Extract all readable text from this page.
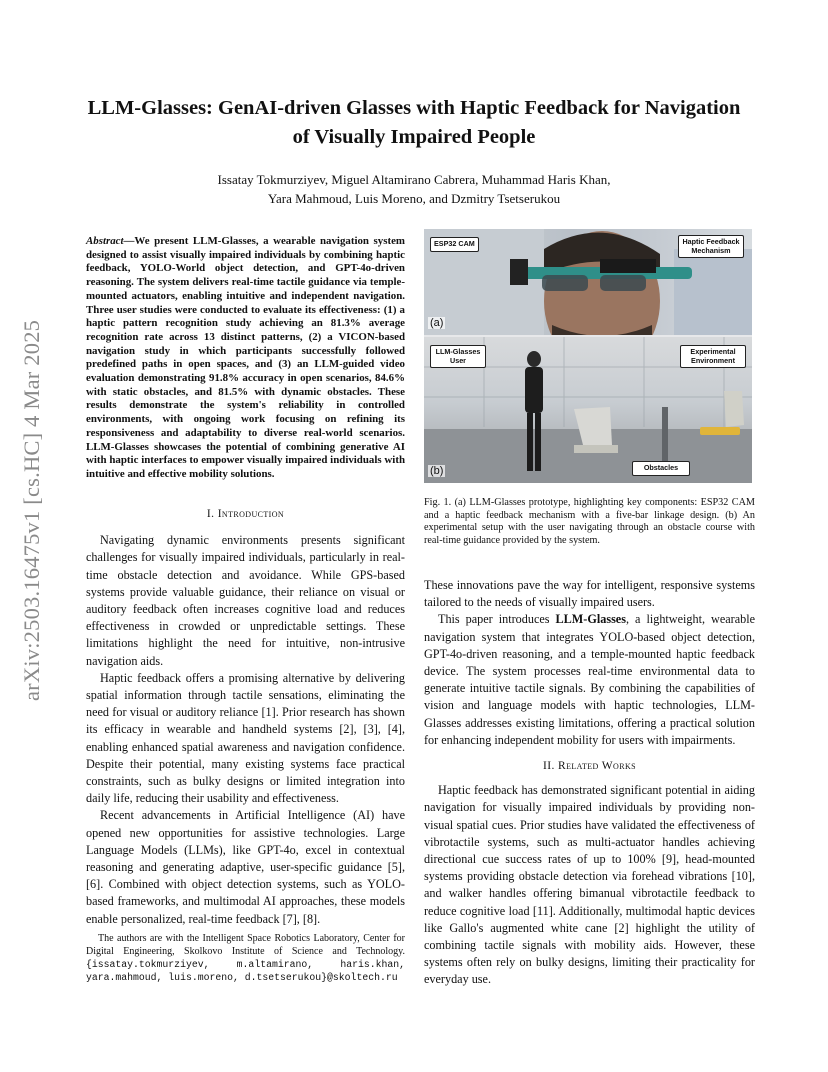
arXiv:2503.16475v1 [cs.HC] 4 Mar 2025
LLM-Glasses: GenAI-driven Glasses with Haptic Feedback for Navigation of Visually Impaired People
Issatay Tokmurziyev, Miguel Altamirano Cabrera, Muhammad Haris Khan,
Yara Mahmoud, Luis Moreno, and Dzmitry Tsetserukou
Abstract—We present LLM-Glasses, a wearable navigation system designed to assist visually impaired individuals by combining haptic feedback, YOLO-World object detection, and GPT-4o-driven reasoning. The system delivers real-time tactile guidance via temple-mounted actuators, enabling intuitive and independent navigation. Three user studies were conducted to evaluate its effectiveness: (1) a haptic pattern recognition study achieving an 81.3% average recognition rate across 13 distinct patterns, (2) a VICON-based navigation study in which participants successfully followed predefined paths in open spaces, and (3) an LLM-guided video evaluation demonstrating 91.8% accuracy in open scenarios, 84.6% with static obstacles, and 81.5% with dynamic obstacles. These results demonstrate the system's reliability in controlled environments, with ongoing work focusing on refining its responsiveness and adaptability to diverse real-world scenarios. LLM-Glasses showcases the potential of combining generative AI with haptic interfaces to empower visually impaired individuals with intuitive and effective mobility solutions.
I. Introduction

Navigating dynamic environments presents significant challenges for visually impaired individuals, particularly in real-time obstacle detection and avoidance. While GPS-based systems provide valuable guidance, their reliance on visual or auditory feedback often increases cognitive load and reduces effectiveness in crowded or unpredictable settings. These limitations highlight the need for intuitive, non-intrusive navigation aids.

Haptic feedback offers a promising alternative by delivering spatial information through tactile sensations, eliminating the need for visual or auditory reliance [1]. Prior research has shown its efficacy in wearable and handheld systems [2], [3], [4], enabling enhanced spatial awareness and navigation confidence. Despite their potential, many existing systems face practical constraints, such as bulky designs or limited integration into daily life, reducing their usability and effectiveness.

Recent advancements in Artificial Intelligence (AI) have opened new opportunities for assistive technologies. Large Language Models (LLMs), like GPT-4o, excel in contextual reasoning and generating adaptive, user-specific guidance [5], [6]. Combined with object detection systems, such as YOLO-based frameworks, and multimodal AI approaches, these models enable personalized, real-time feedback [7], [8].

The authors are with the Intelligent Space Robotics Laboratory, Center for Digital Engineering, Skolkovo Institute of Science and Technology. {issatay.tokmurziyev, m.altamirano, haris.khan, yara.mahmoud, luis.moreno, d.tsetserukou}@skoltech.ru
ESP32 CAM	Haptic Feedback Mechanism
(a)
LLM-Glasses User
Experimental Environment
Obstacles
(b)
Fig. 1. (a) LLM-Glasses prototype, highlighting key components: ESP32 CAM and a haptic feedback mechanism with a five-bar linkage design. (b) An experimental setup with the user navigating through an obstacle course with real-time guidance provided by the system.

These innovations pave the way for intelligent, responsive systems tailored to the needs of visually impaired users.

This paper introduces LLM-Glasses, a lightweight, wearable navigation system that integrates YOLO-based object detection, GPT-4o-driven reasoning, and a temple-mounted haptic feedback device. The system processes real-time environmental data to generate intuitive tactile signals. By combining the capabilities of vision and language models with haptic technologies, LLM-Glasses addresses existing limitations, offering a practical solution for enhancing independent mobility for users with impairments.

II. Related Works

Haptic feedback has demonstrated significant potential in aiding navigation for visually impaired individuals by providing non-visual spatial cues. Prior studies have validated the effectiveness of vibrotactile systems, such as multi-actuator handles achieving directional cue success rates of up to 100% [9], head-mounted systems providing obstacle detection via forehead vibrations [10], and walker handles offering bimanual vibrotactile feedback to reduce cognitive load [11]. Additionally, multimodal haptic devices like Gallo's augmented white cane [2] highlight the utility of combining tactile signals with mobility aids. However, these systems often rely on bulky designs, limiting their practicality for everyday use.
